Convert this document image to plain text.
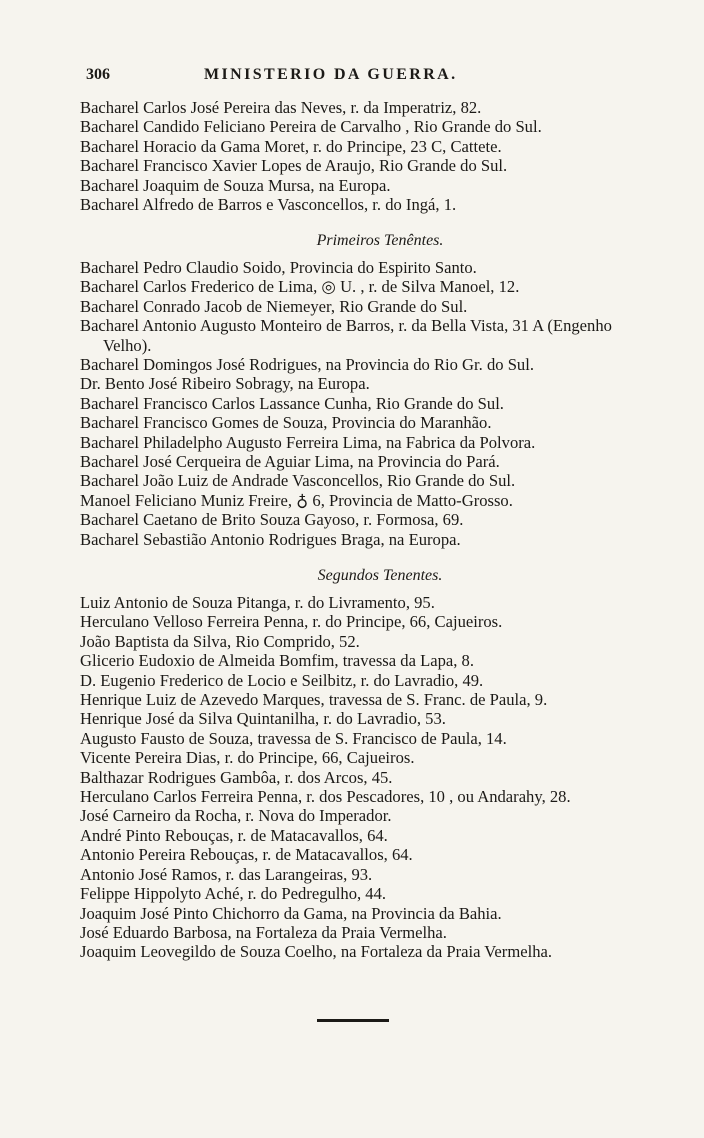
306	MINISTERIO DA GUERRA.
Bacharel Carlos José Pereira das Neves, r. da Imperatriz, 82.
Bacharel Candido Feliciano Pereira de Carvalho , Rio Grande do Sul.
Bacharel Horacio da Gama Moret, r. do Principe, 23 C, Cattete.
Bacharel Francisco Xavier Lopes de Araujo, Rio Grande do Sul.
Bacharel Joaquim de Souza Mursa, na Europa.
Bacharel Alfredo de Barros e Vasconcellos, r. do Ingá, 1.
Primeiros Tenêntes.
Bacharel Pedro Claudio Soido, Provincia do Espirito Santo.
Bacharel Carlos Frederico de Lima, ◎ U. , r. de Silva Manoel, 12.
Bacharel Conrado Jacob de Niemeyer, Rio Grande do Sul.
Bacharel Antonio Augusto Monteiro de Barros, r. da Bella Vista, 31 A (Engenho Velho).
Bacharel Domingos José Rodrigues, na Provincia do Rio Gr. do Sul.
Dr. Bento José Ribeiro Sobragy, na Europa.
Bacharel Francisco Carlos Lassance Cunha, Rio Grande do Sul.
Bacharel Francisco Gomes de Souza, Provincia do Maranhão.
Bacharel Philadelpho Augusto Ferreira Lima, na Fabrica da Polvora.
Bacharel José Cerqueira de Aguiar Lima, na Provincia do Pará.
Bacharel João Luiz de Andrade Vasconcellos, Rio Grande do Sul.
Manoel Feliciano Muniz Freire, ♁ 6, Provincia de Matto-Grosso.
Bacharel Caetano de Brito Souza Gayoso, r. Formosa, 69.
Bacharel Sebastião Antonio Rodrigues Braga, na Europa.
Segundos Tenentes.
Luiz Antonio de Souza Pitanga, r. do Livramento, 95.
Herculano Velloso Ferreira Penna, r. do Principe, 66, Cajueiros.
João Baptista da Silva, Rio Comprido, 52.
Glicerio Eudoxio de Almeida Bomfim, travessa da Lapa, 8.
D. Eugenio Frederico de Locio e Seilbitz, r. do Lavradio, 49.
Henrique Luiz de Azevedo Marques, travessa de S. Franc. de Paula, 9.
Henrique José da Silva Quintanilha, r. do Lavradio, 53.
Augusto Fausto de Souza, travessa de S. Francisco de Paula, 14.
Vicente Pereira Dias, r. do Principe, 66, Cajueiros.
Balthazar Rodrigues Gambôa, r. dos Arcos, 45.
Herculano Carlos Ferreira Penna, r. dos Pescadores, 10 , ou Andarahy, 28.
José Carneiro da Rocha, r. Nova do Imperador.
André Pinto Rebouças, r. de Matacavallos, 64.
Antonio Pereira Rebouças, r. de Matacavallos, 64.
Antonio José Ramos, r. das Larangeiras, 93.
Felippe Hippolyto Aché, r. do Pedregulho, 44.
Joaquim José Pinto Chichorro da Gama, na Provincia da Bahia.
José Eduardo Barbosa, na Fortaleza da Praia Vermelha.
Joaquim Leovegildo de Souza Coelho, na Fortaleza da Praia Vermelha.
